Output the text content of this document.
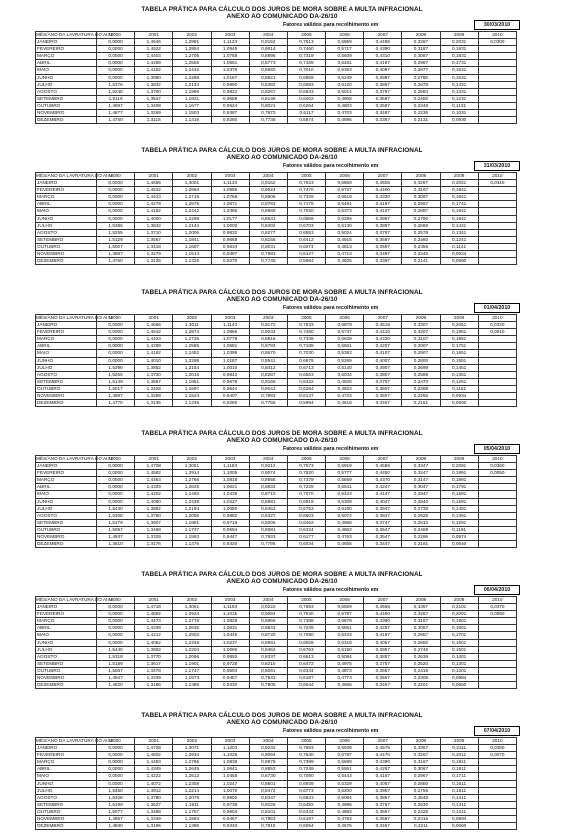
TABELA PRÁTICA PARA CÁLCULO DOS JUROS DE MORA SOBRE A MULTA INFRACIONAL
ANEXO AO COMUNICADO DA-26/10
Fatores válidos para recolhimento em	30/03/2010
MÊS/ANO DA LAVRATURA DO AIIM	2000	2001	2002	2003	2004	2005	2006	2007	2008	2009	2010
JANEIRO	0,0000	1,4646	1,2991	1,1123	0,9152	0,7613	0,5859	0,4495	0,3287	0,2031	0,0300
FEVEREIRO	0,0000	1,4522	1,2854	1,0945	0,9014	0,7460	0,5717	0,4390	0,3187	0,1931	
MARÇO	0,0000	1,4403	1,2706	1,0758	0,8896	0,7319	0,5609	0,4310	0,3087	0,1831	
ABRIL	0,0000	1,4269	1,2565	1,0561	0,8773	0,7169	0,5481	0,4187	0,2987	0,1731	
MAIO	0,0000	1,4152	1,2432	1,0375	0,8650	0,7010	0,5363	0,4097	0,2877	0,1631	
JUNHO	0,0000	1,3990	1,2288	1,0167	0,8521	0,6859	0,5249	0,3987	0,2780	0,1531	
JULHO	1,5376	1,3832	1,2134	0,9990	0,8392	0,6693	0,5120	0,3887	0,2678	0,1431	
AGOSTO	1,5245	1,3700	1,1996	0,9822	0,8267	0,6543	0,5014	0,3787	0,2584	0,1331	
SETEMBRO	1,5119	1,3547	1,1831	0,9658	0,8146	0,6402	0,4905	0,3687	0,2450	0,1231	
OUTUBRO	1,4997	1,3408	1,1677	0,9524	0,8021	0,6264	0,4803	0,3587	0,2348	0,1131	
NOVEMBRO	1,4877	1,3269	1,1503	0,9387	0,7873	0,6117	0,4703	0,3487	0,2236	0,1031	
DEZEMBRO	1,4750	1,3116	1,1316	0,9260	0,7735	0,5974	0,4595	0,3387	0,2131	0,0930	
TABELA PRÁTICA PARA CÁLCULO DOS JUROS DE MORA SOBRE A MULTA INFRACIONAL
ANEXO AO COMUNICADO DA-26/10
Fatores válidos para recolhimento em	31/03/2010
MÊS/ANO DA LAVRATURA DO AIIM	2000	2001	2002	2003	2004	2005	2006	2007	2008	2009	2010
JANEIRO	0,0000	1,4656	1,3001	1,1133	0,9162	0,7623	0,5869	0,4505	0,3297	0,2041	0,0310
FEVEREIRO	0,0000	1,4532	1,2864	1,0955	0,9024	0,7470	0,5727	0,4400	0,3197	0,1941	
MARÇO	0,0000	1,4413	1,2716	1,0768	0,8906	0,7329	0,5619	0,4320	0,3097	0,1841	
ABRIL	0,0000	1,4279	1,2575	1,0571	0,8783	0,7179	0,5491	0,4197	0,2997	0,1741	
MAIO	0,0000	1,4162	1,2442	1,0385	0,8660	0,7020	0,5373	0,4107	0,2887	0,1641	
JUNHO	0,0000	1,4000	1,2298	1,0177	0,8531	0,6869	0,5259	0,3997	0,2790	0,1541	
JULHO	1,5386	1,3842	1,2144	1,0000	0,8402	0,6703	0,5130	0,3897	0,2688	0,1441	
AGOSTO	1,5255	1,3710	1,2006	0,9832	0,8277	0,6553	0,5024	0,3797	0,2578	0,1341	
SETEMBRO	1,5129	1,3557	1,1841	0,9668	0,8156	0,6412	0,4915	0,3697	0,2460	0,1241	
OUTUBRO	1,5007	1,3418	1,1687	0,9534	0,8031	0,6274	0,4813	0,3597	0,2358	0,1141	
NOVEMBRO	1,4887	1,3279	1,1513	0,9397	0,7883	0,6127	0,4713	0,3497	0,2246	0,0924	
DEZEMBRO	1,4760	1,3126	1,1326	0,9270	0,7745	0,5984	0,4605	0,3397	0,2141	0,0590	
TABELA PRÁTICA PARA CÁLCULO DOS JUROS DE MORA SOBRE A MULTA INFRACIONAL
ANEXO AO COMUNICADO DA-26/10
Fatores válidos para recolhimento em	01/04/2010
MÊS/ANO DA LAVRATURA DO AIIM	2000	2001	2002	2003	2004	2005	2006	2007	2008	2009	2010
JANEIRO	0,0000	1,4666	1,3011	1,1143	0,9172	0,7633	0,5879	0,4515	0,3307	0,2051	0,0320
FEVEREIRO	0,0000	1,4542	1,2874	1,0965	0,9034	0,7480	0,5737	0,4410	0,3207	0,1951	0,0010
MARÇO	0,0000	1,4423	1,2726	1,0778	0,8916	0,7339	0,5629	0,4330	0,3107	0,1851	
ABRIL	0,0000	1,4289	1,2585	1,0581	0,8793	0,7189	0,5501	0,4207	0,3007	0,1751	
MAIO	0,0000	1,4162	1,2452	1,0395	0,8670	0,7030	0,5383	0,4107	0,2907	0,1651	
JUNHO	0,0000	1,4010	1,2298	1,0187	0,8541	0,6879	0,5269	0,4007	0,2800	0,1551	
JULHO	1,5396	1,3852	1,2154	1,0010	0,8412	0,6713	0,5140	0,3907	0,2698	0,1451	
AGOSTO	1,5265	1,3720	1,2016	0,9842	0,8287	0,6563	0,5034	0,3807	0,2588	0,1351	
SETEMBRO	1,5139	1,3567	1,1851	0,9678	0,8166	0,6422	0,4925	0,3707	0,2470	0,1251	
OUTUBRO	1,5017	1,3428	1,1697	0,9544	0,8041	0,6284	0,4823	0,3607	0,2368	0,1151	
NOVEMBRO	1,4897	1,3289	1,1523	0,9407	0,7893	0,6137	0,4723	0,3507	0,2256	0,0934	
DEZEMBRO	1,4770	1,3136	1,1336	0,9280	0,7755	0,5994	0,4615	0,3407	0,2151	0,0600	
TABELA PRÁTICA PARA CÁLCULO DOS JUROS DE MORA SOBRE A MULTA INFRACIONAL
ANEXO AO COMUNICADO DA-26/10
Fatores válidos para recolhimento em	05/04/2010
MÊS/ANO DA LAVRATURA DO AIIM	2000	2001	2002	2003	2004	2005	2006	2007	2008	2009	2010
JANEIRO	0,0000	1,4708	1,3051	1,1183	0,9212	0,7673	0,5919	0,4555	0,3347	0,2091	0,0360
FEVEREIRO	0,0000	1,4582	1,2914	1,1005	0,9074	0,7520	0,5777	0,4450	0,3247	0,1991	0,0050
MARÇO	0,0000	1,4463	1,2766	1,0818	0,8956	0,7379	0,5669	0,4370	0,3147	0,1891	
ABRIL	0,0000	1,4329	1,2625	1,0621	0,8833	0,7229	0,5541	0,4247	0,3047	0,1791	
MAIO	0,0000	1,4202	1,2492	1,0435	0,8710	0,7070	0,5423	0,4147	0,2947	0,1691	
JUNHO	0,0000	1,4050	1,2338	1,0227	0,8581	0,6919	0,5309	0,4047	0,2840	0,1591	
JULHO	1,5430	1,3892	1,2194	1,0050	0,8452	0,6753	0,5180	0,3947	0,2738	0,1491	
AGOSTO	1,5308	1,3760	1,2056	0,9882	0,8327	0,6603	0,5074	0,3847	0,2628	0,1391	
SETEMBRO	1,5179	1,3607	1,1891	0,9718	0,8206	0,6462	0,4965	0,3747	0,2510	0,1291	
OUTUBRO	1,5057	1,3468	1,1737	0,9584	0,8081	0,6324	0,4863	0,3647	0,2408	0,1191	
NOVEMBRO	1,4937	1,3329	1,1563	0,9447	0,7933	0,6177	0,4763	0,3547	0,2296	0,0974	
DEZEMBRO	1,4810	1,3176	1,1376	0,9320	0,7795	0,6034	0,4655	0,3447	0,2191	0,0640	
TABELA PRÁTICA PARA CÁLCULO DOS JUROS DE MORA SOBRE A MULTA INFRACIONAL
ANEXO AO COMUNICADO DA-26/10
Fatores válidos para recolhimento em	06/04/2010
MÊS/ANO DA LAVRATURA DO AIIM	2000	2001	2002	2003	2004	2005	2006	2007	2008	2009	2010
JANEIRO	0,0000	1,4718	1,3061	1,1193	0,9222	0,7683	0,5929	0,4565	0,3357	0,2101	0,0370
FEVEREIRO	0,0000	1,4592	1,2924	1,1015	0,9084	0,7530	0,5787	0,4460	0,3257	0,2001	0,0060
MARÇO	0,0000	1,4473	1,2776	1,0828	0,8966	0,7389	0,5679	0,4380	0,3157	0,1901	
ABRIL	0,0000	1,4339	1,2635	1,0631	0,8843	0,7239	0,5551	0,4257	0,3057	0,1801	
MAIO	0,0000	1,4212	1,2502	1,0445	0,8720	0,7080	0,5433	0,4157	0,2957	0,1701	
JUNHO	0,0000	1,4062	1,2348	1,0237	0,8591	0,6929	0,5319	0,4057	0,2850	0,1601	
JULHO	1,5440	1,3902	1,2204	1,0060	0,8462	0,6763	0,5190	0,3957	0,2748	0,1501	
AGOSTO	1,5318	1,3770	1,2066	0,9892	0,8337	0,6613	0,5084	0,3857	0,2638	0,1401	
SETEMBRO	1,5189	1,3617	1,1901	0,9728	0,8216	0,6472	0,4975	0,3757	0,2520	0,1301	
OUTUBRO	1,5067	1,3478	1,1747	0,9594	0,8091	0,6334	0,4873	0,3657	0,2418	0,1201	
NOVEMBRO	1,4947	1,3339	1,1573	0,9457	0,7943	0,6187	0,4773	0,3557	0,2306	0,0984	
DEZEMBRO	1,4820	1,3186	1,1386	0,9330	0,7805	0,6044	0,4665	0,3457	0,2201	0,0650	
TABELA PRÁTICA PARA CÁLCULO DOS JUROS DE MORA SOBRE A MULTA INFRACIONAL
ANEXO AO COMUNICADO DA-26/10
Fatores válidos para recolhimento em	07/04/2010
MÊS/ANO DA LAVRATURA DO AIIM	2000	2001	2002	2003	2004	2005	2006	2007	2008	2009	2010
JANEIRO	0,0000	1,4728	1,3071	1,1203	0,9232	0,7693	0,5939	0,4575	0,3367	0,2111	0,0380
FEVEREIRO	0,0000	1,4602	1,2934	1,1025	0,9094	0,7540	0,5797	0,4470	0,3267	0,2011	0,0070
MARÇO	0,0000	1,4483	1,2786	1,0838	0,8976	0,7399	0,5689	0,4390	0,3167	0,1911	
ABRIL	0,0000	1,4349	1,2645	1,0641	0,8853	0,7249	0,5561	0,4267	0,3067	0,1811	
MAIO	0,0000	1,4222	1,2512	1,0455	0,8730	0,7090	0,5443	0,4167	0,2967	0,1711	
JUNHO	0,0000	1,4072	1,2358	1,0247	0,8601	0,6939	0,5329	0,4067	0,2860	0,1611	
JULHO	1,5450	1,3912	1,2214	1,0070	0,8472	0,6773	0,5200	0,3967	0,2758	0,1511	
AGOSTO	1,5328	1,3780	1,2076	0,9902	0,8347	0,6623	0,5094	0,3867	0,2648	0,1411	
SETEMBRO	1,5199	1,3627	1,1911	0,9738	0,8226	0,6482	0,4985	0,3767	0,2530	0,1311	
OUTUBRO	1,5077	1,3488	1,1757	0,9604	0,8101	0,6344	0,4883	0,3667	0,2428	0,1211	
NOVEMBRO	1,4957	1,3349	1,1583	0,9467	0,7953	0,6197	0,4783	0,3567	0,2316	0,0994	
DEZEMBRO	1,4830	1,3196	1,1396	0,9340	0,7815	0,6054	0,4675	0,3467	0,2211	0,0660	
